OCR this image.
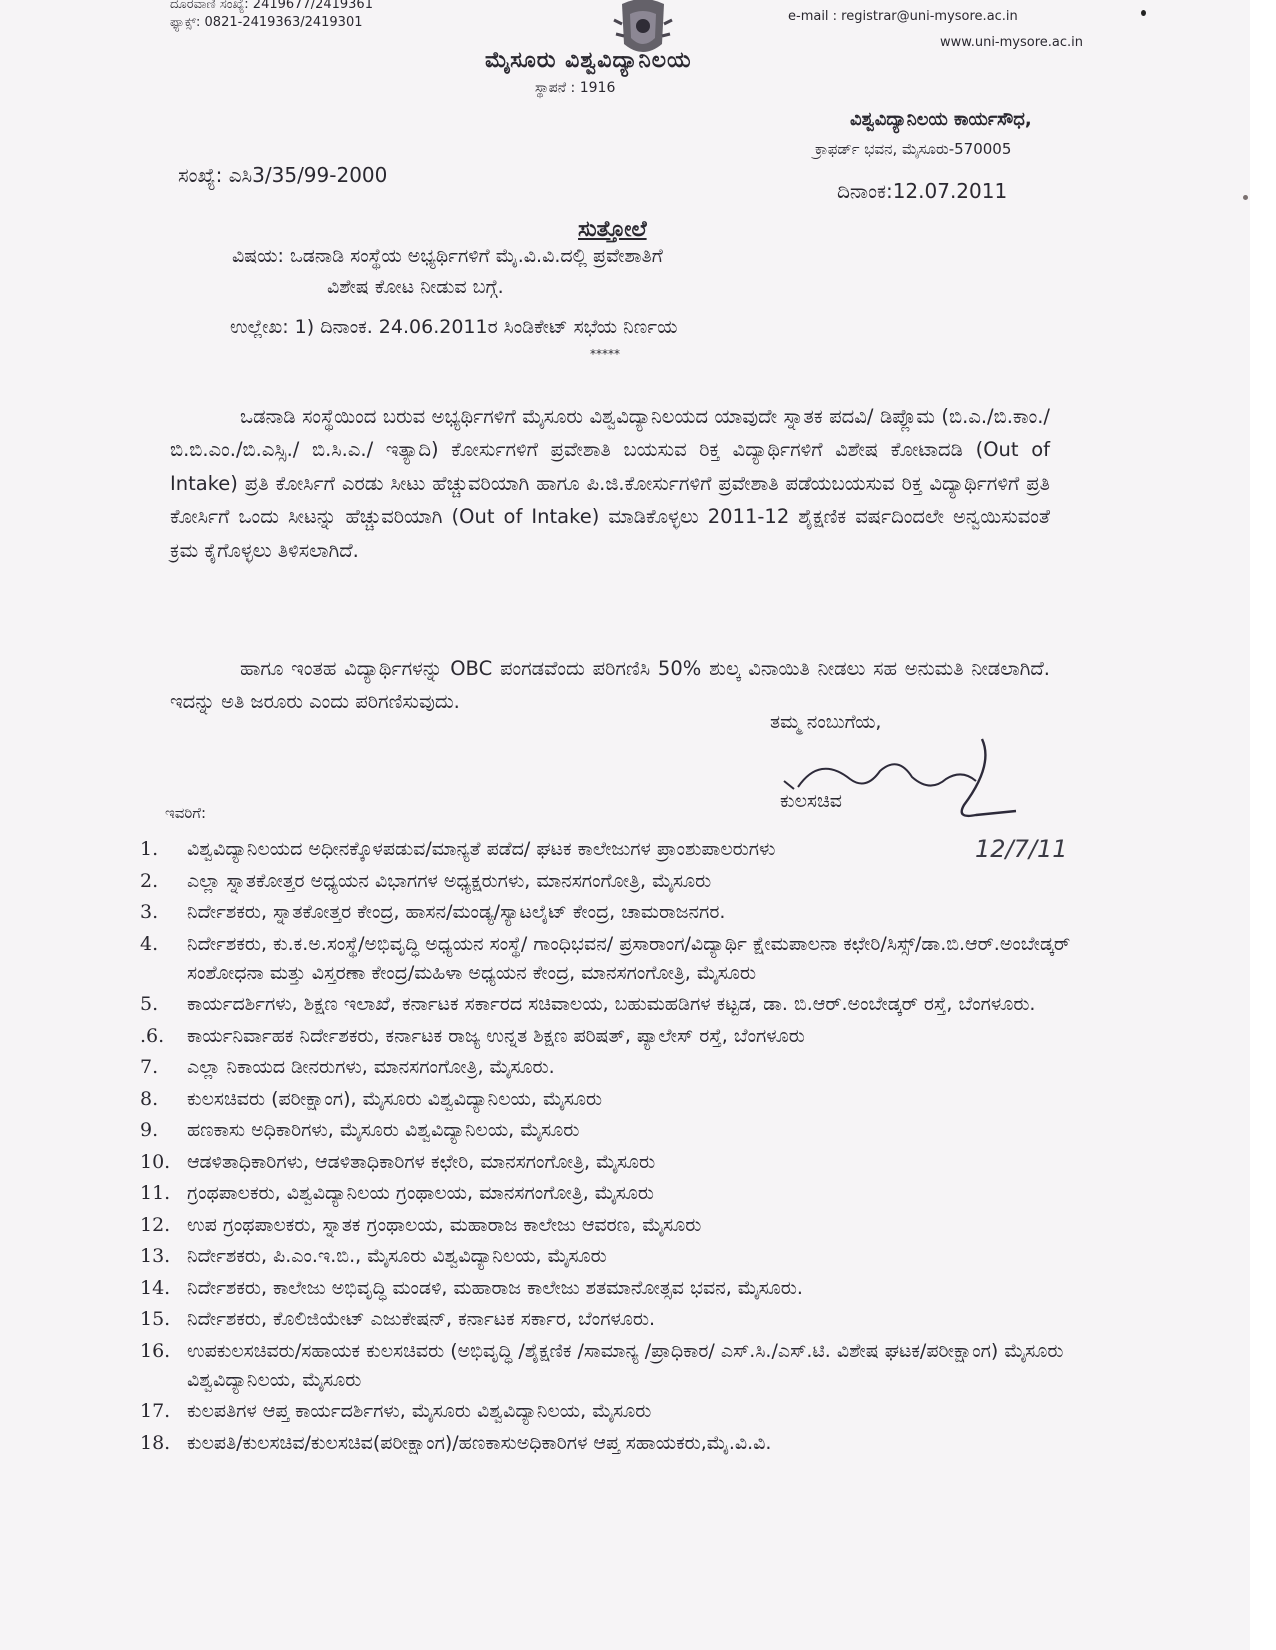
ದೂರವಾಣಿ ಸಂಖ್ಯೆ: 2419677/2419361
ಫ್ಯಾಕ್ಸ್: 0821-2419363/2419301	e-mail : registrar@uni-mysore.ac.in
www.uni-mysore.ac.in
ಮೈಸೂರು ವಿಶ್ವವಿದ್ಯಾನಿಲಯ
ಸ್ಥಾಪನೆ : 1916
ವಿಶ್ವವಿದ್ಯಾನಿಲಯ ಕಾರ್ಯಸೌಧ,
ಕ್ರಾಫರ್ಡ್ ಭವನ, ಮೈಸೂರು-570005
ಸಂಖ್ಯೆ: ಎಸಿ3/35/99-2000
ದಿನಾಂಕ:12.07.2011
ಸುತ್ತೋಲೆ
ವಿಷಯ: ಒಡನಾಡಿ ಸಂಸ್ಥೆಯ ಅಭ್ಯರ್ಥಿಗಳಿಗೆ ಮೈ.ವಿ.ವಿ.ದಲ್ಲಿ ಪ್ರವೇಶಾತಿಗೆ
ವಿಶೇಷ ಕೋಟ ನೀಡುವ ಬಗ್ಗೆ.
ಉಲ್ಲೇಖ: 1) ದಿನಾಂಕ. 24.06.2011ರ ಸಿಂಡಿಕೇಟ್ ಸಭೆಯ ನಿರ್ಣಯ
*****

ಒಡನಾಡಿ ಸಂಸ್ಥೆಯಿಂದ ಬರುವ ಅಭ್ಯರ್ಥಿಗಳಿಗೆ ಮೈಸೂರು ವಿಶ್ವವಿದ್ಯಾನಿಲಯದ ಯಾವುದೇ ಸ್ನಾತಕ ಪದವಿ/ ಡಿಪ್ಲೊಮ (ಬಿ.ಎ./ಬಿ.ಕಾಂ./ಬಿ.ಬಿ.ಎಂ./ಬಿ.ಎಸ್ಸಿ./ ಬಿ.ಸಿ.ಎ./ ಇತ್ಯಾದಿ) ಕೋರ್ಸುಗಳಿಗೆ ಪ್ರವೇಶಾತಿ ಬಯಸುವ ರಿಕ್ತ ವಿದ್ಯಾರ್ಥಿಗಳಿಗೆ ವಿಶೇಷ ಕೋಟಾದಡಿ (Out of Intake) ಪ್ರತಿ ಕೋರ್ಸಿಗೆ ಎರಡು ಸೀಟು ಹೆಚ್ಚುವರಿಯಾಗಿ ಹಾಗೂ ಪಿ.ಜಿ.ಕೋರ್ಸುಗಳಿಗೆ ಪ್ರವೇಶಾತಿ ಪಡೆಯಬಯಸುವ ರಿಕ್ತ ವಿದ್ಯಾರ್ಥಿಗಳಿಗೆ ಪ್ರತಿ ಕೋರ್ಸಿಗೆ ಒಂದು ಸೀಟನ್ನು ಹೆಚ್ಚುವರಿಯಾಗಿ (Out of Intake) ಮಾಡಿಕೊಳ್ಳಲು 2011-12 ಶೈಕ್ಷಣಿಕ ವರ್ಷದಿಂದಲೇ ಅನ್ವಯಿಸುವಂತೆ ಕ್ರಮ ಕೈಗೊಳ್ಳಲು ತಿಳಿಸಲಾಗಿದೆ.

ಹಾಗೂ ಇಂತಹ ವಿದ್ಯಾರ್ಥಿಗಳನ್ನು OBC ಪಂಗಡವೆಂದು ಪರಿಗಣಿಸಿ 50% ಶುಲ್ಕ ವಿನಾಯಿತಿ ನೀಡಲು ಸಹ ಅನುಮತಿ ನೀಡಲಾಗಿದೆ. ಇದನ್ನು ಅತಿ ಜರೂರು ಎಂದು ಪರಿಗಣಿಸುವುದು.

ತಮ್ಮ ನಂಬುಗೆಯ,
ಕುಲಸಚಿವ
12/7/11
ಇವರಿಗೆ:
1.	ವಿಶ್ವವಿದ್ಯಾನಿಲಯದ ಅಧೀನಕ್ಕೊಳಪಡುವ/ಮಾನ್ಯತೆ ಪಡೆದ/ ಘಟಕ ಕಾಲೇಜುಗಳ ಪ್ರಾಂಶುಪಾಲರುಗಳು
2.	ಎಲ್ಲಾ ಸ್ನಾತಕೋತ್ತರ ಅಧ್ಯಯನ ವಿಭಾಗಗಳ ಅಧ್ಯಕ್ಷರುಗಳು, ಮಾನಸಗಂಗೋತ್ರಿ, ಮೈಸೂರು
3.	ನಿರ್ದೇಶಕರು, ಸ್ನಾತಕೋತ್ತರ ಕೇಂದ್ರ, ಹಾಸನ/ಮಂಡ್ಯ/ಸ್ಯಾಟಲೈಟ್ ಕೇಂದ್ರ, ಚಾಮರಾಜನಗರ.
4.	ನಿರ್ದೇಶಕರು, ಕು.ಕ.ಅ.ಸಂಸ್ಥೆ/ಅಭಿವೃದ್ಧಿ ಅಧ್ಯಯನ ಸಂಸ್ಥೆ/ ಗಾಂಧಿಭವನ/ ಪ್ರಸಾರಾಂಗ/ವಿದ್ಯಾರ್ಥಿ ಕ್ಷೇಮಪಾಲನಾ ಕಛೇರಿ/ಸಿಸ್ಸ್/ಡಾ.ಬಿ.ಆರ್.ಅಂಬೇಡ್ಕರ್ ಸಂಶೋಧನಾ ಮತ್ತು ವಿಸ್ತರಣಾ ಕೇಂದ್ರ/ಮಹಿಳಾ ಅಧ್ಯಯನ ಕೇಂದ್ರ, ಮಾನಸಗಂಗೋತ್ರಿ, ಮೈಸೂರು
5.	ಕಾರ್ಯದರ್ಶಿಗಳು, ಶಿಕ್ಷಣ ಇಲಾಖೆ, ಕರ್ನಾಟಕ ಸರ್ಕಾರದ ಸಚಿವಾಲಯ, ಬಹುಮಹಡಿಗಳ ಕಟ್ಟಡ, ಡಾ. ಬಿ.ಆರ್.ಅಂಬೇಡ್ಕರ್ ರಸ್ತೆ, ಬೆಂಗಳೂರು.
.6.	ಕಾರ್ಯನಿರ್ವಾಹಕ ನಿರ್ದೇಶಕರು, ಕರ್ನಾಟಕ ರಾಜ್ಯ ಉನ್ನತ ಶಿಕ್ಷಣ ಪರಿಷತ್, ಪ್ಯಾಲೇಸ್ ರಸ್ತೆ, ಬೆಂಗಳೂರು
7.	ಎಲ್ಲಾ ನಿಕಾಯದ ಡೀನರುಗಳು, ಮಾನಸಗಂಗೋತ್ರಿ, ಮೈಸೂರು.
8.	ಕುಲಸಚಿವರು (ಪರೀಕ್ಷಾಂಗ), ಮೈಸೂರು ವಿಶ್ವವಿದ್ಯಾನಿಲಯ, ಮೈಸೂರು
9.	ಹಣಕಾಸು ಅಧಿಕಾರಿಗಳು, ಮೈಸೂರು ವಿಶ್ವವಿದ್ಯಾನಿಲಯ, ಮೈಸೂರು
10. ಆಡಳಿತಾಧಿಕಾರಿಗಳು, ಆಡಳಿತಾಧಿಕಾರಿಗಳ ಕಛೇರಿ, ಮಾನಸಗಂಗೋತ್ರಿ, ಮೈಸೂರು
11. ಗ್ರಂಥಪಾಲಕರು, ವಿಶ್ವವಿದ್ಯಾನಿಲಯ ಗ್ರಂಥಾಲಯ, ಮಾನಸಗಂಗೋತ್ರಿ, ಮೈಸೂರು
12. ಉಪ ಗ್ರಂಥಪಾಲಕರು, ಸ್ನಾತಕ ಗ್ರಂಥಾಲಯ, ಮಹಾರಾಜ ಕಾಲೇಜು ಆವರಣ, ಮೈಸೂರು
13. ನಿರ್ದೇಶಕರು, ಪಿ.ಎಂ.ಇ.ಬಿ., ಮೈಸೂರು ವಿಶ್ವವಿದ್ಯಾನಿಲಯ, ಮೈಸೂರು
14. ನಿರ್ದೇಶಕರು, ಕಾಲೇಜು ಅಭಿವೃದ್ಧಿ ಮಂಡಳಿ, ಮಹಾರಾಜ ಕಾಲೇಜು ಶತಮಾನೋತ್ಸವ ಭವನ, ಮೈಸೂರು.
15. ನಿರ್ದೇಶಕರು, ಕೊಲಿಜಿಯೇಟ್ ಎಜುಕೇಷನ್, ಕರ್ನಾಟಕ ಸರ್ಕಾರ, ಬೆಂಗಳೂರು.
16. ಉಪಕುಲಸಚಿವರು/ಸಹಾಯಕ ಕುಲಸಚಿವರು (ಅಭಿವೃದ್ಧಿ /ಶೈಕ್ಷಣಿಕ /ಸಾಮಾನ್ಯ /ಪ್ರಾಧಿಕಾರ/ ಎಸ್.ಸಿ./ಎಸ್.ಟಿ. ವಿಶೇಷ ಘಟಕ/ಪರೀಕ್ಷಾಂಗ) ಮೈಸೂರು ವಿಶ್ವವಿದ್ಯಾನಿಲಯ, ಮೈಸೂರು
17. ಕುಲಪತಿಗಳ ಆಪ್ತ ಕಾರ್ಯದರ್ಶಿಗಳು, ಮೈಸೂರು ವಿಶ್ವವಿದ್ಯಾನಿಲಯ, ಮೈಸೂರು
18. ಕುಲಪತಿ/ಕುಲಸಚಿವ/ಕುಲಸಚಿವ(ಪರೀಕ್ಷಾಂಗ)/ಹಣಕಾಸುಅಧಿಕಾರಿಗಳ ಆಪ್ತ ಸಹಾಯಕರು,ಮೈ.ವಿ.ವಿ.
